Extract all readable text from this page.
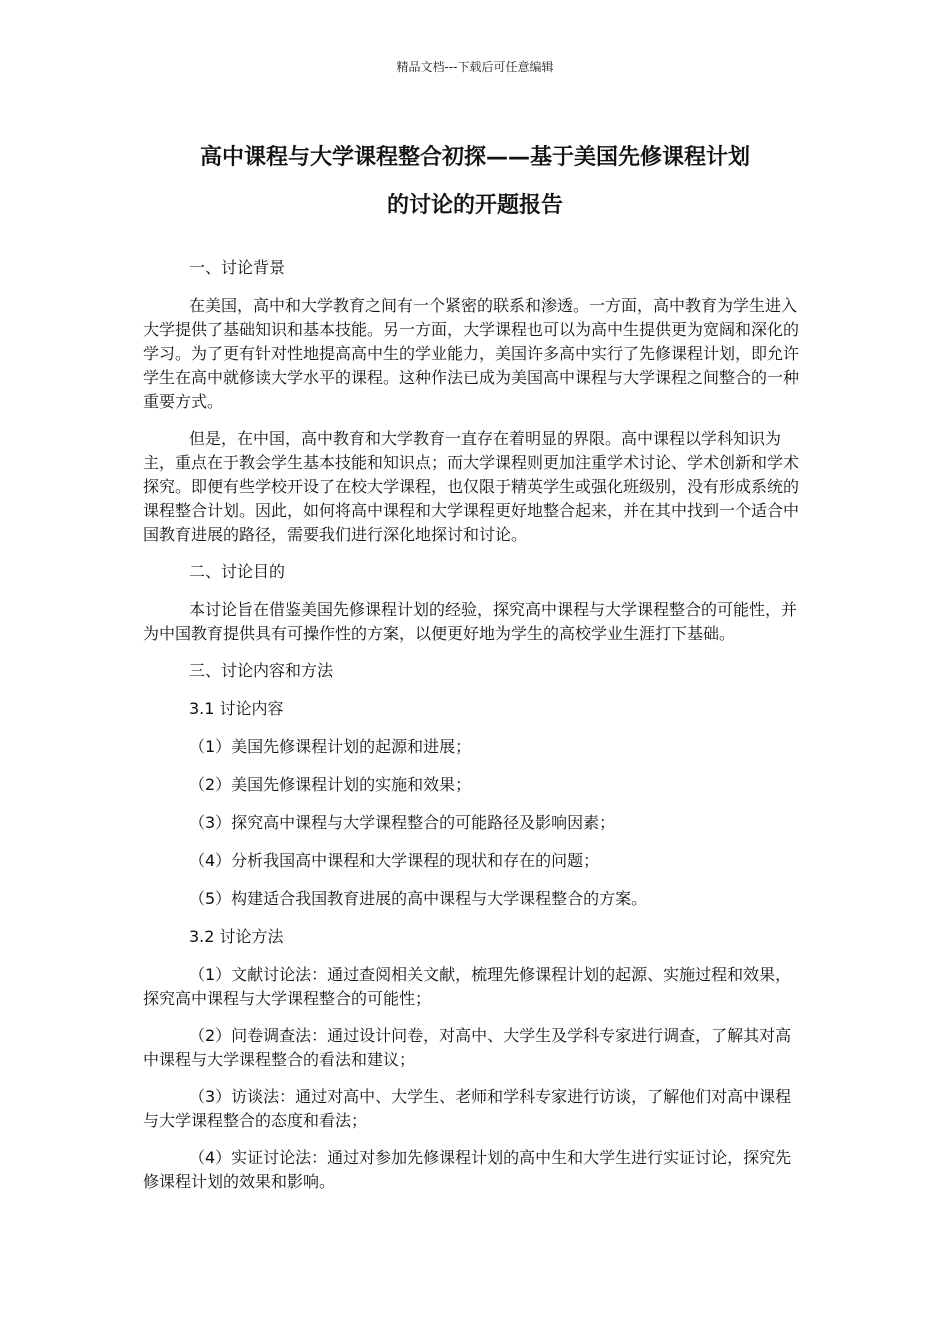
精品文档---下载后可任意编辑
高中课程与大学课程整合初探——基于美国先修课程计划
的讨论的开题报告

一、讨论背景

在美国，高中和大学教育之间有一个紧密的联系和渗透。一方面，高中教育为学生进入大学提供了基础知识和基本技能。另一方面，大学课程也可以为高中生提供更为宽阔和深化的学习。为了更有针对性地提高高中生的学业能力，美国许多高中实行了先修课程计划，即允许学生在高中就修读大学水平的课程。这种作法已成为美国高中课程与大学课程之间整合的一种重要方式。

但是，在中国，高中教育和大学教育一直存在着明显的界限。高中课程以学科知识为主，重点在于教会学生基本技能和知识点；而大学课程则更加注重学术讨论、学术创新和学术探究。即便有些学校开设了在校大学课程，也仅限于精英学生或强化班级别，没有形成系统的课程整合计划。因此，如何将高中课程和大学课程更好地整合起来，并在其中找到一个适合中国教育进展的路径，需要我们进行深化地探讨和讨论。

二、讨论目的

本讨论旨在借鉴美国先修课程计划的经验，探究高中课程与大学课程整合的可能性，并为中国教育提供具有可操作性的方案，以便更好地为学生的高校学业生涯打下基础。

三、讨论内容和方法

3.1 讨论内容

（1）美国先修课程计划的起源和进展；

（2）美国先修课程计划的实施和效果；

（3）探究高中课程与大学课程整合的可能路径及影响因素；

（4）分析我国高中课程和大学课程的现状和存在的问题；

（5）构建适合我国教育进展的高中课程与大学课程整合的方案。

3.2 讨论方法

（1）文献讨论法：通过查阅相关文献，梳理先修课程计划的起源、实施过程和效果，探究高中课程与大学课程整合的可能性；

（2）问卷调查法：通过设计问卷，对高中、大学生及学科专家进行调查，了解其对高中课程与大学课程整合的看法和建议；

（3）访谈法：通过对高中、大学生、老师和学科专家进行访谈，了解他们对高中课程与大学课程整合的态度和看法；

（4）实证讨论法：通过对参加先修课程计划的高中生和大学生进行实证讨论，探究先修课程计划的效果和影响。
